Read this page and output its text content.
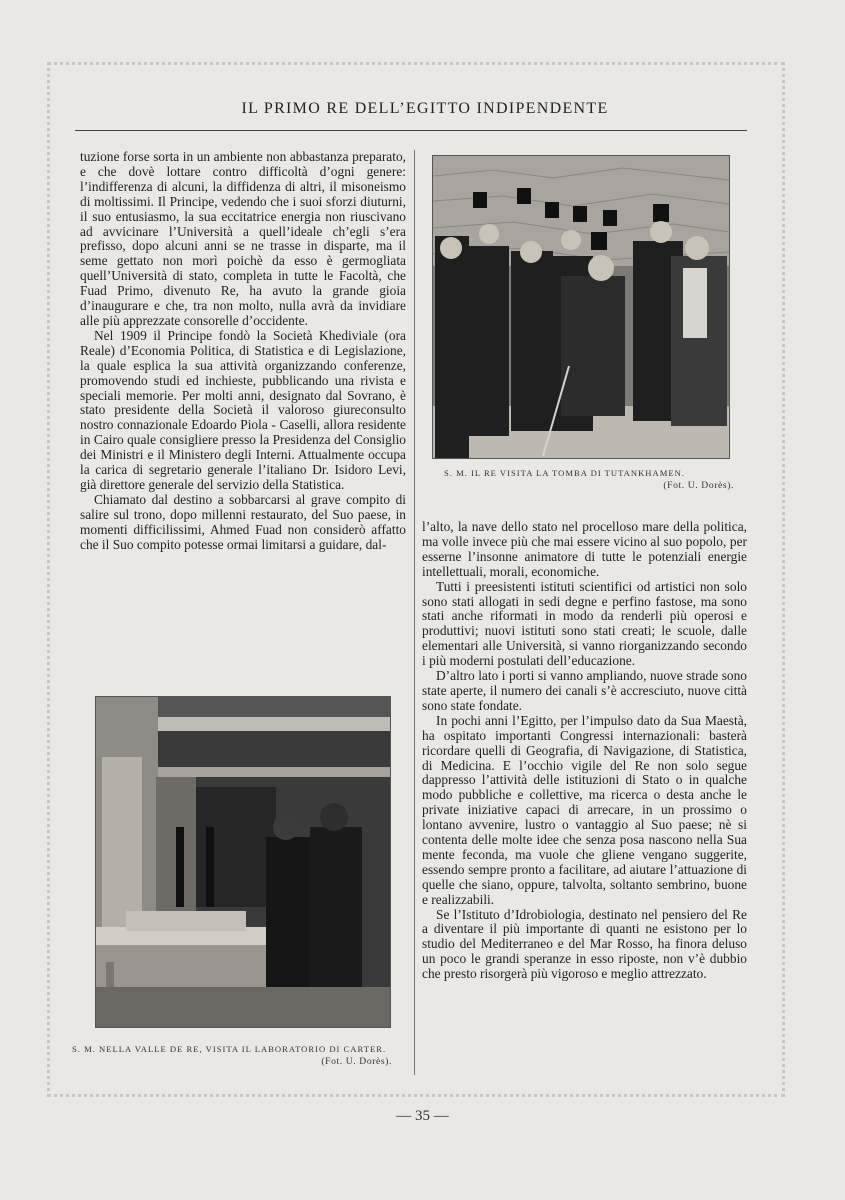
IL PRIMO RE DELL’EGITTO INDIPENDENTE

tuzione forse sorta in un ambiente non abbastanza preparato, e che dovè lottare contro difficoltà d’ogni genere: l’indifferenza di alcuni, la diffidenza di altri, il misoneismo di moltissimi. Il Principe, vedendo che i suoi sforzi diuturni, il suo entusiasmo, la sua eccitatrice energia non riuscivano ad avvicinare l’Università a quell’ideale ch’egli s’era prefisso, dopo alcuni anni se ne trasse in disparte, ma il seme gettato non morì poichè da esso è germogliata quell’Università di stato, completa in tutte le Facoltà, che Fuad Primo, divenuto Re, ha avuto la grande gioia d’inaugurare e che, tra non molto, nulla avrà da invidiare alle più apprezzate consorelle d’occidente.

Nel 1909 il Principe fondò la Società Khediviale (ora Reale) d’Economia Politica, di Statistica e di Legislazione, la quale esplica la sua attività organizzando conferenze, promovendo studi ed inchieste, pubblicando una rivista e speciali memorie. Per molti anni, designato dal Sovrano, è stato presidente della Società il valoroso giureconsulto nostro connazionale Edoardo Piola - Caselli, allora residente in Cairo quale consigliere presso la Presidenza del Consiglio dei Ministri e il Ministero degli Interni. Attualmente occupa la carica di segretario generale l’italiano Dr. Isidoro Levi, già direttore generale del servizio della Statistica.

Chiamato dal destino a sobbarcarsi al grave compito di salire sul trono, dopo millenni restaurato, del Suo paese, in momenti difficilissimi, Ahmed Fuad non considerò affatto che il Suo compito potesse ormai limitarsi a guidare, dal-

S. M. IL RE VISITA LA TOMBA DI TUTANKHAMEN.
(Fot. U. Dorès).
S. M. NELLA VALLE DE RE, VISITA IL LABORATORIO DI CARTER.
(Fot. U. Dorès).

l’alto, la nave dello stato nel procelloso mare della politica, ma volle invece più che mai essere vicino al suo popolo, per esserne l’insonne animatore di tutte le potenziali energie intellettuali, morali, economiche.

Tutti i preesistenti istituti scientifici od artistici non solo sono stati allogati in sedi degne e perfino fastose, ma sono stati anche riformati in modo da renderli più operosi e produttivi; nuovi istituti sono stati creati; le scuole, dalle elementari alle Università, si vanno riorganizzando secondo i più moderni postulati dell’educazione.

D’altro lato i porti si vanno ampliando, nuove strade sono state aperte, il numero dei canali s’è accresciuto, nuove città sono state fondate.

In pochi anni l’Egitto, per l’impulso dato da Sua Maestà, ha ospitato importanti Congressi internazionali: basterà ricordare quelli di Geografia, di Navigazione, di Statistica, di Medicina. E l’occhio vigile del Re non solo segue dappresso l’attività delle istituzioni di Stato o in qualche modo pubbliche e collettive, ma ricerca o desta anche le private iniziative capaci di arrecare, in un prossimo o lontano avvenire, lustro o vantaggio al Suo paese; nè si contenta delle molte idee che senza posa nascono nella Sua mente feconda, ma vuole che gliene vengano suggerite, essendo sempre pronto a facilitare, ad aiutare l’attuazione di quelle che siano, oppure, talvolta, soltanto sembrino, buone e realizzabili.

Se l’Istituto d’Idrobiologia, destinato nel pensiero del Re a diventare il più importante di quanti ne esistono per lo studio del Mediterraneo e del Mar Rosso, ha finora deluso un poco le grandi speranze in esso riposte, non v’è dubbio che presto risorgerà più vigoroso e meglio attrezzato.

— 35 —
